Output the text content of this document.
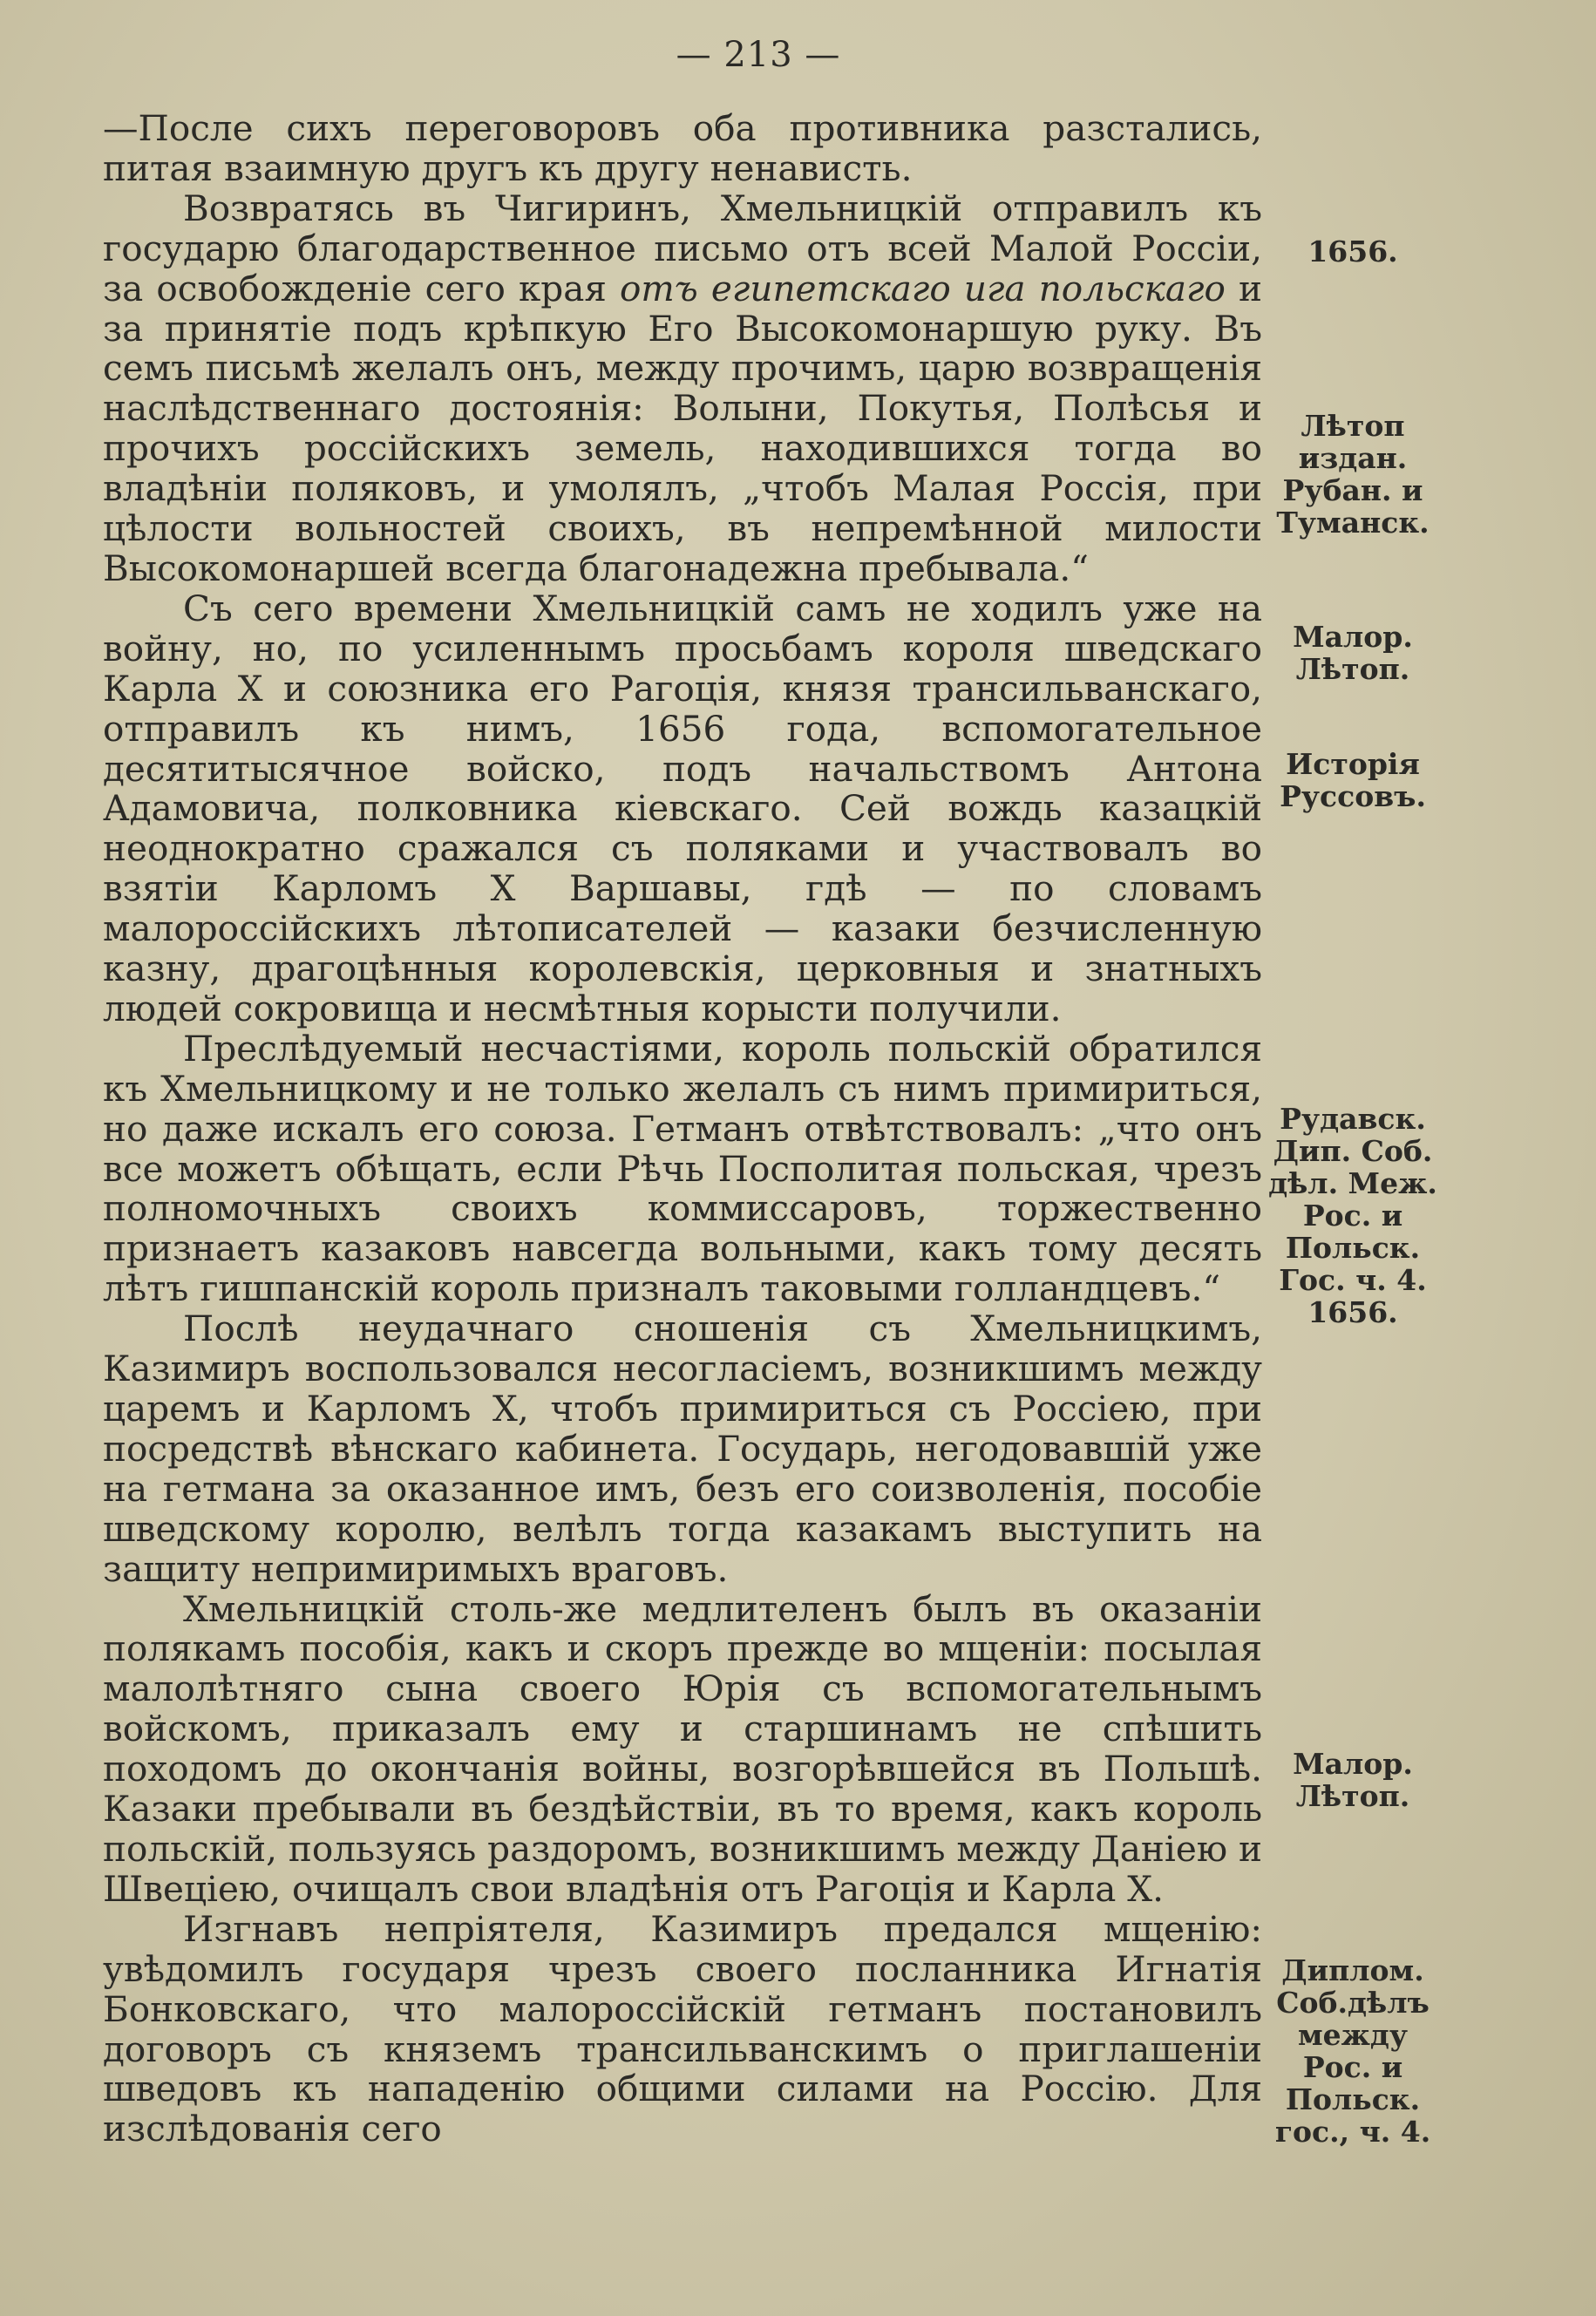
— 213 —

—После сихъ переговоровъ оба противника разстались, питая взаимную другъ къ другу ненависть.

Возвратясь въ Чигиринъ, Хмельницкій отправилъ къ государю благодарственное письмо отъ всей Малой Россіи, за освобожденіе сего края отъ египетскаго ига польскаго и за принятіе подъ крѣпкую Его Высокомонаршую руку. Въ семъ письмѣ желалъ онъ, между прочимъ, царю возвращенія наслѣдственнаго достоянія: Волыни, Покутья, Полѣсья и прочихъ россійскихъ земель, находившихся тогда во владѣніи поляковъ, и умолялъ, „чтобъ Малая Россія, при цѣлости вольностей своихъ, въ непремѣнной милости Высокомонаршей всегда благонадежна пребывала.“

Съ сего времени Хмельницкій самъ не ходилъ уже на войну, но, по усиленнымъ просьбамъ короля шведскаго Карла X и союзника его Рагоція, князя трансильванскаго, отправилъ къ нимъ, 1656 года, вспомогательное десятитысячное войско, подъ начальствомъ Антона Адамовича, полковника кіевскаго. Сей вождь казацкій неоднократно сражался съ поляками и участвовалъ во взятіи Карломъ X Варшавы, гдѣ — по словамъ малороссійскихъ лѣтописателей — казаки безчисленную казну, драгоцѣнныя королевскія, церковныя и знатныхъ людей сокровища и несмѣтныя корысти получили.

Преслѣдуемый несчастіями, король польскій обратился къ Хмельницкому и не только желалъ съ нимъ примириться, но даже искалъ его союза. Гетманъ отвѣтствовалъ: „что онъ все можетъ обѣщать, если Рѣчь Посполитая польская, чрезъ полномочныхъ своихъ коммиссаровъ, торжественно признаетъ казаковъ навсегда вольными, какъ тому десять лѣтъ гишпанскій король призналъ таковыми голландцевъ.“

Послѣ неудачнаго сношенія съ Хмельницкимъ, Казимиръ воспользовался несогласіемъ, возникшимъ между царемъ и Карломъ X, чтобъ примириться съ Россіею, при посредствѣ вѣнскаго кабинета. Государь, негодовавшій уже на гетмана за оказанное имъ, безъ его соизволенія, пособіе шведскому королю, велѣлъ тогда казакамъ выступить на защиту непримиримыхъ враговъ.

Хмельницкій столь-же медлителенъ былъ въ оказаніи полякамъ пособія, какъ и скоръ прежде во мщеніи: посылая малолѣтняго сына своего Юрія съ вспомогательнымъ войскомъ, приказалъ ему и старшинамъ не спѣшить походомъ до окончанія войны, возгорѣвшейся въ Польшѣ. Казаки пребывали въ бездѣйствіи, въ то время, какъ король польскій, пользуясь раздоромъ, возникшимъ между Даніею и Швеціею, очищалъ свои владѣнія отъ Рагоція и Карла X.

Изгнавъ непріятеля, Казимиръ предался мщенію: увѣдомилъ государя чрезъ своего посланника Игнатія Бонковскаго, что малороссійскій гетманъ постановилъ договоръ съ княземъ трансильванскимъ о приглашеніи шведовъ къ нападенію общими силами на Россію. Для изслѣдованія сего

1656.
Лѣтоп
издан.
Рубан. и
Туманск.
Малор.
Лѣтоп.
Исторія
Руссовъ.
Рудавск.
Дип. Соб.
дѣл. Меж.
Рос. и
Польск.
Гос. ч. 4.
1656.
Малор.
Лѣтоп.
Диплом.
Соб.дѣлъ
между
Рос. и
Польск.
гос., ч. 4.
